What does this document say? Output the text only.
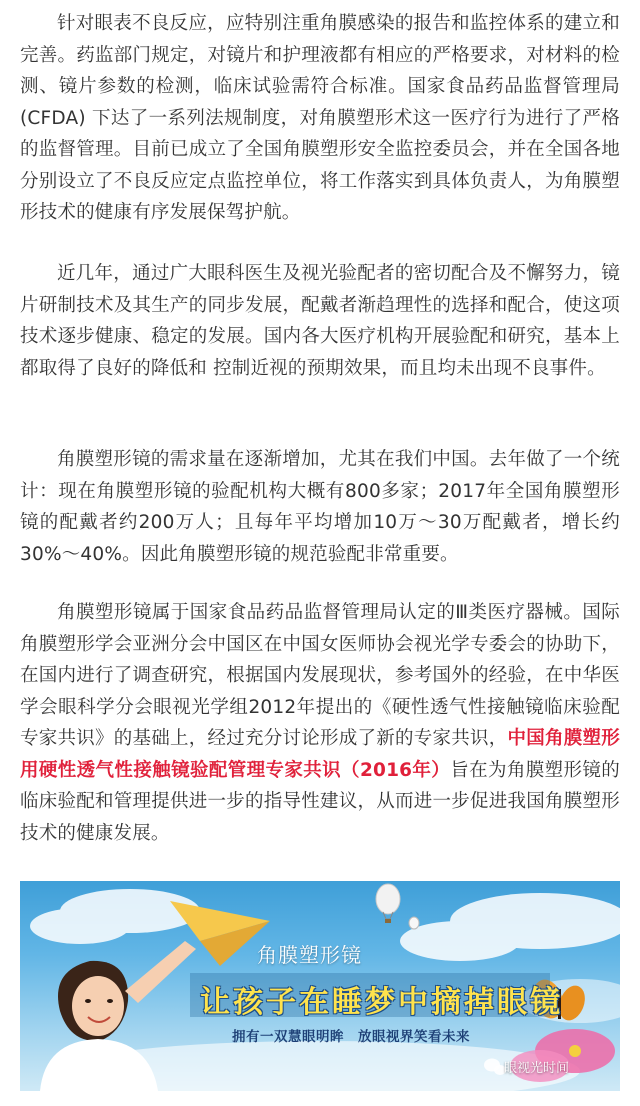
针对眼表不良反应，应特别注重角膜感染的报告和监控体系的建立和完善。药监部门规定，对镜片和护理液都有相应的严格要求，对材料的检测、镜片参数的检测，临床试验需符合标准。国家食品药品监督管理局(CFDA) 下达了一系列法规制度，对角膜塑形术这一医疗行为进行了严格的监督管理。目前已成立了全国角膜塑形安全监控委员会，并在全国各地分别设立了不良反应定点监控单位，将工作落实到具体负责人，为角膜塑形技术的健康有序发展保驾护航。

近几年，通过广大眼科医生及视光验配者的密切配合及不懈努力，镜片研制技术及其生产的同步发展，配戴者渐趋理性的选择和配合，使这项技术逐步健康、稳定的发展。国内各大医疗机构开展验配和研究，基本上都取得了良好的降低和 控制近视的预期效果，而且均未出现不良事件。

角膜塑形镜的需求量在逐渐增加，尤其在我们中国。去年做了一个统计：现在角膜塑形镜的验配机构大概有800多家；2017年全国角膜塑形镜的配戴者约200万人；且每年平均增加10万～30万配戴者，增长约30%～40%。因此角膜塑形镜的规范验配非常重要。

角膜塑形镜属于国家食品药品监督管理局认定的Ⅲ类医疗器械。国际角膜塑形学会亚洲分会中国区在中国女医师协会视光学专委会的协助下，在国内进行了调查研究，根据国内发展现状，参考国外的经验，在中华医学会眼科学分会眼视光学组2012年提出的《硬性透气性接触镜临床验配专家共识》的基础上，经过充分讨论形成了新的专家共识，中国角膜塑形用硬性透气性接触镜验配管理专家共识（2016年）旨在为角膜塑形镜的临床验配和管理提供进一步的指导性建议，从而进一步促进我国角膜塑形技术的健康发展。

角膜塑形镜
让孩子在睡梦中摘掉眼镜
拥有一双慧眼明眸 放眼视界笑看未来
眼视光时间
